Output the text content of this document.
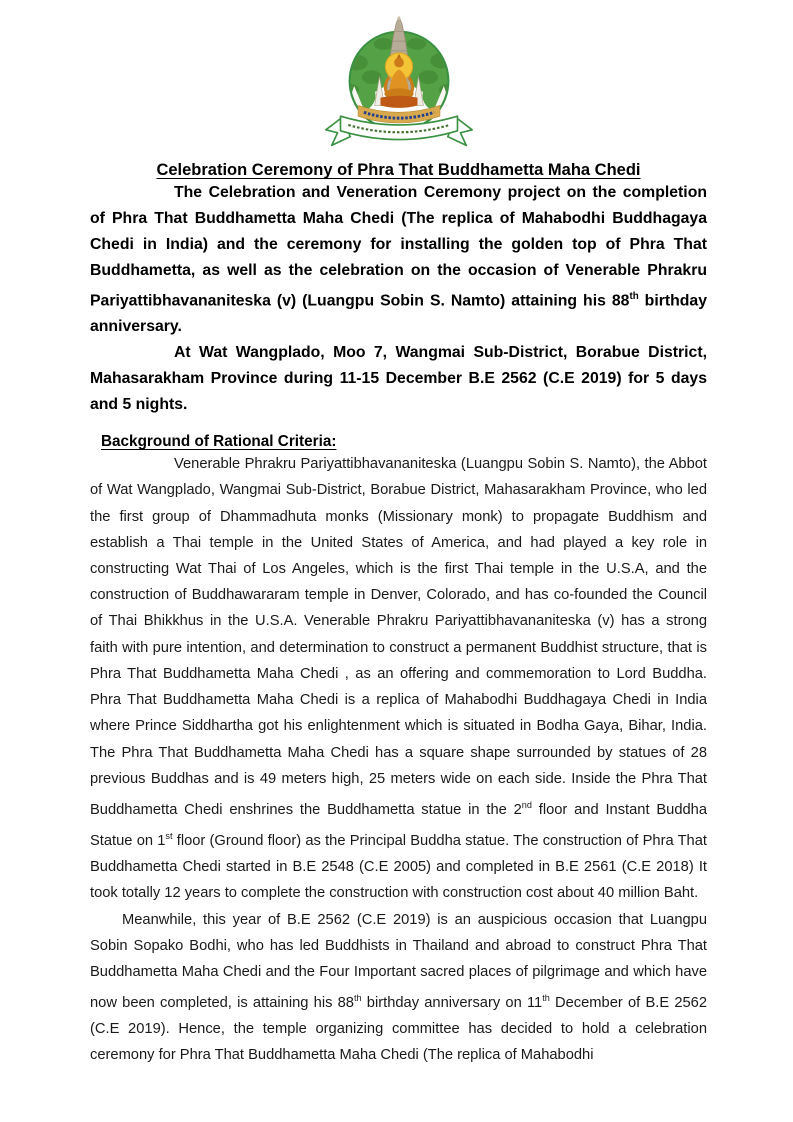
Celebration Ceremony of Phra That Buddhametta Maha Chedi

The Celebration and Veneration Ceremony project on the completion of Phra That Buddhametta Maha Chedi (The replica of Mahabodhi Buddhagaya Chedi in India) and the ceremony for installing the golden top of Phra That Buddhametta, as well as the celebration on the occasion of Venerable Phrakru Pariyattibhavananiteska (v) (Luangpu Sobin S. Namto) attaining his 88th birthday anniversary.

At Wat Wangplado, Moo 7, Wangmai Sub-District, Borabue District, Mahasarakham Province during 11-15 December B.E 2562 (C.E 2019) for 5 days and 5 nights.

Background of Rational Criteria:

Venerable Phrakru Pariyattibhavananiteska (Luangpu Sobin S. Namto), the Abbot of Wat Wangplado, Wangmai Sub-District, Borabue District, Mahasarakham Province, who led the first group of Dhammadhuta monks (Missionary monk) to propagate Buddhism and establish a Thai temple in the United States of America, and had played a key role in constructing Wat Thai of Los Angeles, which is the first Thai temple in the U.S.A, and the construction of Buddhawararam temple in Denver, Colorado, and has co-founded the Council of Thai Bhikkhus in the U.S.A. Venerable Phrakru Pariyattibhavananiteska (v) has a strong faith with pure intention, and determination to construct a permanent Buddhist structure, that is Phra That Buddhametta Maha Chedi , as an offering and commemoration to Lord Buddha. Phra That Buddhametta Maha Chedi is a replica of Mahabodhi Buddhagaya Chedi in India where Prince Siddhartha got his enlightenment which is situated in Bodha Gaya, Bihar, India. The Phra That Buddhametta Maha Chedi has a square shape surrounded by statues of 28 previous Buddhas and is 49 meters high, 25 meters wide on each side. Inside the Phra That Buddhametta Chedi enshrines the Buddhametta statue in the 2nd floor and Instant Buddha Statue on 1st floor (Ground floor) as the Principal Buddha statue. The construction of Phra That Buddhametta Chedi started in B.E 2548 (C.E 2005) and completed in B.E 2561 (C.E 2018) It took totally 12 years to complete the construction with construction cost about 40 million Baht.

Meanwhile, this year of B.E 2562 (C.E 2019) is an auspicious occasion that Luangpu Sobin Sopako Bodhi, who has led Buddhists in Thailand and abroad to construct Phra That Buddhametta Maha Chedi and the Four Important sacred places of pilgrimage and which have now been completed, is attaining his 88th birthday anniversary on 11th December of B.E 2562 (C.E 2019). Hence, the temple organizing committee has decided to hold a celebration ceremony for Phra That Buddhametta Maha Chedi (The replica of Mahabodhi
